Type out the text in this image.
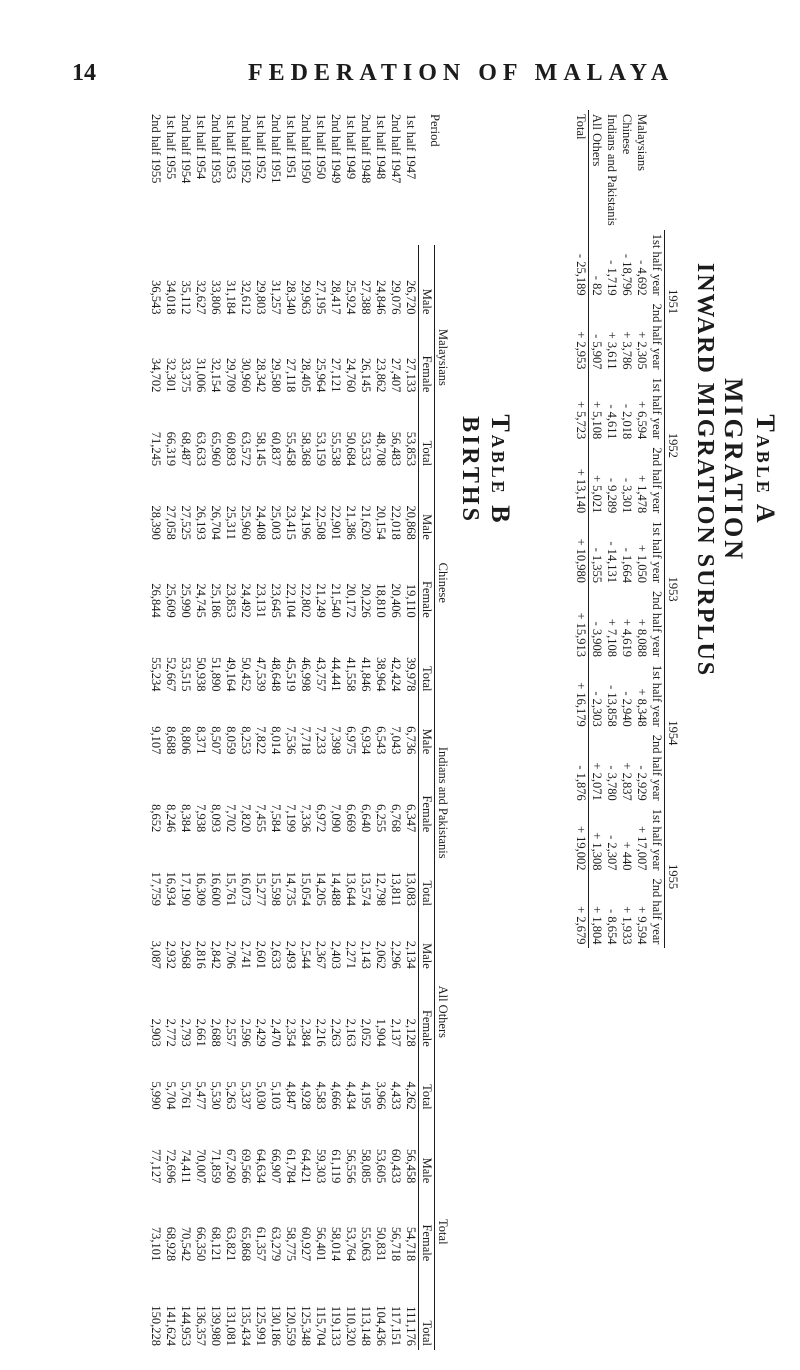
14	FEDERATION OF MALAYA
Table A
MIGRATION
INWARD MIGRATION SURPLUS
	1951		1952		1953		1954		1955	
	1st half year	2nd half year	1st half year	2nd half year	1st half year	2nd half year	1st half year	2nd half year	1st half year	2nd half year
Malaysians	- 4,692	+ 2,305	+ 6,594	+ 1,478	+ 1,050	+ 8,088	+ 8,348	- 2,929	+ 17,007	+ 9,594
Chinese	- 18,796	+ 3,786	- 2,018	- 3,301	- 1,664	+ 4,619	- 2,940	+ 2,837	+ 440	+ 1,933
Indians and Pakistanis	- 1,719	+ 3,611	- 4,611	- 9,289	- 14,131	+ 7,108	- 13,858	- 3,780	- 2,307	- 8,654
All Others	- 82	- 5,907	+ 5,108	+ 5,021	- 1,355	- 3,908	- 2,303	+ 2,071	+ 1,308	+ 1,804
Total	- 25,189	+ 2,953	+ 5,723	+ 13,140	+ 10,980	+ 15,913	+ 16,179	- 1,876	+ 19,002	+ 2,679
Table B
BIRTHS
Period	Malaysians			Chinese			Indians and Pakistanis			All Others			Total		
	Male	Female	Total	Male	Female	Total	Male	Female	Total	Male	Female	Total	Male	Female	Total
1st half 1947	26,720	27,133	53,853	20,868	19,110	39,978	6,736	6,347	13,083	2,134	2,128	4,262	56,458	54,718	111,176
2nd half 1947	29,076	27,407	56,483	22,018	20,406	42,424	7,043	6,768	13,811	2,296	2,137	4,433	60,433	56,718	117,151
1st half 1948	24,846	23,862	48,708	20,154	18,810	38,964	6,543	6,255	12,798	2,062	1,904	3,966	53,605	50,831	104,436
2nd half 1948	27,388	26,145	53,533	21,620	20,226	41,846	6,934	6,640	13,574	2,143	2,052	4,195	58,085	55,063	113,148
1st half 1949	25,924	24,760	50,684	21,386	20,172	41,558	6,975	6,669	13,644	2,271	2,163	4,434	56,556	53,764	110,320
2nd half 1949	28,417	27,121	55,538	22,901	21,540	44,441	7,398	7,090	14,488	2,403	2,263	4,666	61,119	58,014	119,133
1st half 1950	27,195	25,964	53,159	22,508	21,249	43,757	7,233	6,972	14,205	2,367	2,216	4,583	59,303	56,401	115,704
2nd half 1950	29,963	28,405	58,368	24,196	22,802	46,998	7,718	7,336	15,054	2,544	2,384	4,928	64,421	60,927	125,348
1st half 1951	28,340	27,118	55,458	23,415	22,104	45,519	7,536	7,199	14,735	2,493	2,354	4,847	61,784	58,775	120,559
2nd half 1951	31,257	29,580	60,837	25,003	23,645	48,648	8,014	7,584	15,598	2,633	2,470	5,103	66,907	63,279	130,186
1st half 1952	29,803	28,342	58,145	24,408	23,131	47,539	7,822	7,455	15,277	2,601	2,429	5,030	64,634	61,357	125,991
2nd half 1952	32,612	30,960	63,572	25,960	24,492	50,452	8,253	7,820	16,073	2,741	2,596	5,337	69,566	65,868	135,434
1st half 1953	31,184	29,709	60,893	25,311	23,853	49,164	8,059	7,702	15,761	2,706	2,557	5,263	67,260	63,821	131,081
2nd half 1953	33,806	32,154	65,960	26,704	25,186	51,890	8,507	8,093	16,600	2,842	2,688	5,530	71,859	68,121	139,980
1st half 1954	32,627	31,006	63,633	26,193	24,745	50,938	8,371	7,938	16,309	2,816	2,661	5,477	70,007	66,350	136,357
2nd half 1954	35,112	33,375	68,487	27,525	25,990	53,515	8,806	8,384	17,190	2,968	2,793	5,761	74,411	70,542	144,953
1st half 1955	34,018	32,301	66,319	27,058	25,609	52,667	8,688	8,246	16,934	2,932	2,772	5,704	72,696	68,928	141,624
2nd half 1955	36,543	34,702	71,245	28,390	26,844	55,234	9,107	8,652	17,759	3,087	2,903	5,990	77,127	73,101	150,228
